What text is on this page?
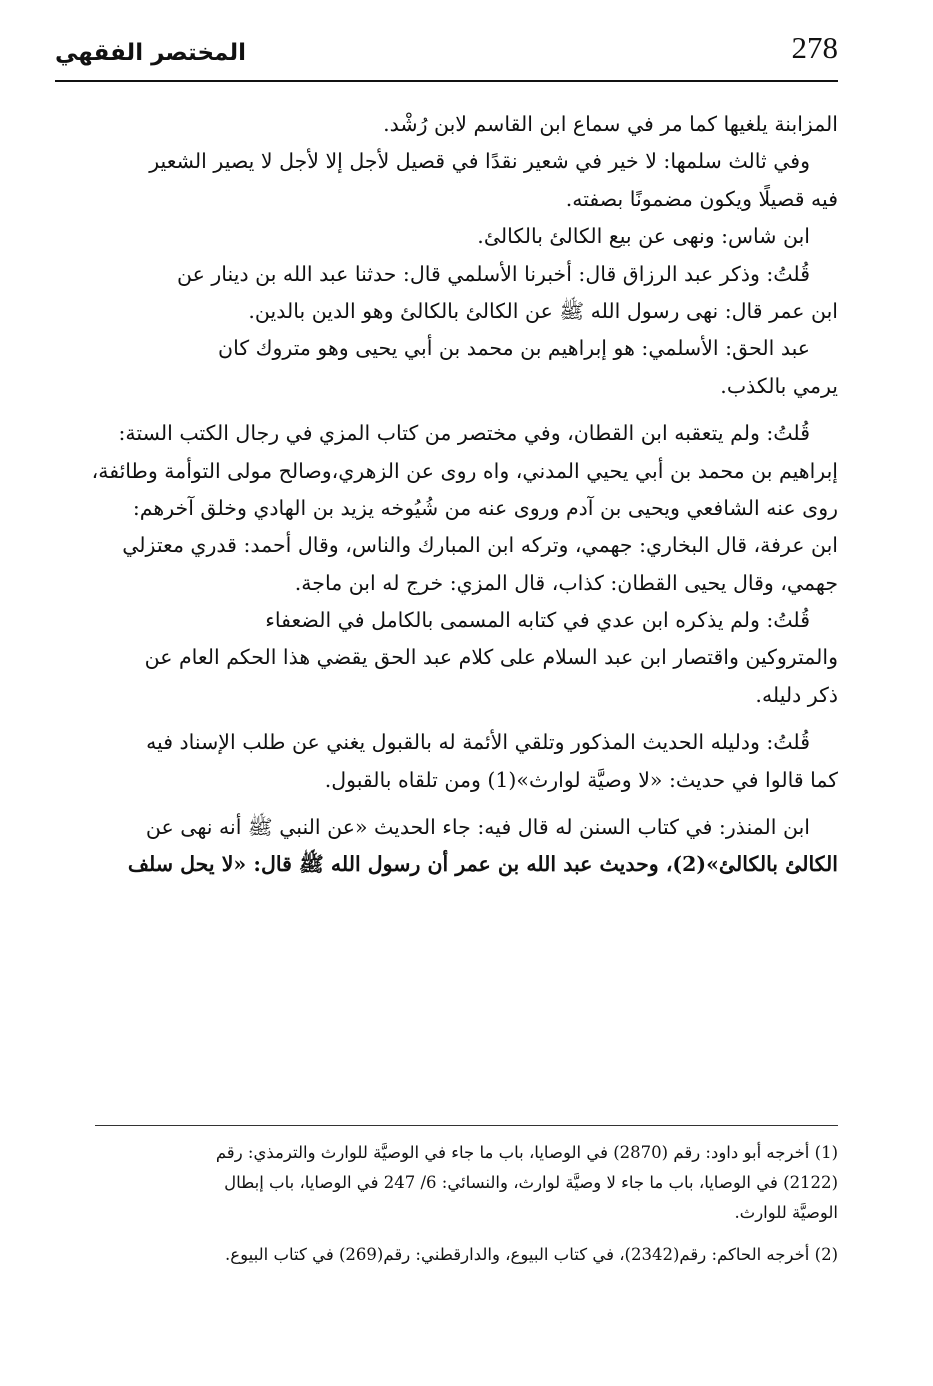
278
المختصر الفقهي

المزابنة يلغيها كما مر في سماع ابن القاسم لابن رُشْد.

وفي ثالث سلمها: لا خير في شعير نقدًا في قصيل لأجل إلا لأجل لا يصير الشعير

فيه قصيلًا ويكون مضمونًا بصفته.

ابن شاس: ونهى عن بيع الكالئ بالكالئ.

قُلتُ: وذكر عبد الرزاق قال: أخبرنا الأسلمي قال: حدثنا عبد الله بن دينار عن

ابن عمر قال: نهى رسول الله ﷺ عن الكالئ بالكالئ وهو الدين بالدين.

عبد الحق: الأسلمي: هو إبراهيم بن محمد بن أبي يحيى وهو متروك كان

يرمي بالكذب.

قُلتُ: ولم يتعقبه ابن القطان، وفي مختصر من كتاب المزي في رجال الكتب الستة:

إبراهيم بن محمد بن أبي يحيي المدني، واه روى عن الزهري،وصالح مولى التوأمة وطائفة،

روى عنه الشافعي ويحيى بن آدم وروى عنه من شُيُوخه يزيد بن الهادي وخلق آخرهم:

ابن عرفة، قال البخاري: جهمي، وتركه ابن المبارك والناس، وقال أحمد: قدري معتزلي

جهمي، وقال يحيى القطان: كذاب، قال المزي: خرج له ابن ماجة.

قُلتُ: ولم يذكره ابن عدي في كتابه المسمى بالكامل في الضعفاء

والمتروكين واقتصار ابن عبد السلام على كلام عبد الحق يقضي هذا الحكم العام عن

ذكر دليله.

قُلتُ: ودليله الحديث المذكور وتلقي الأئمة له بالقبول يغني عن طلب الإسناد فيه

كما قالوا في حديث: «لا وصيَّة لوارث»(1) ومن تلقاه بالقبول.

ابن المنذر: في كتاب السنن له قال فيه: جاء الحديث «عن النبي ﷺ أنه نهى عن

الكالئ بالكالئ»(2)، وحديث عبد الله بن عمر أن رسول الله ﷺ قال: «لا يحل سلف

(1) أخرجه أبو داود: رقم (2870) في الوصايا، باب ما جاء في الوصيَّة للوارث والترمذي: رقم
(2122) في الوصايا، باب ما جاء لا وصيَّة لوارث، والنسائي: 6/ 247 في الوصايا، باب إبطال
الوصيَّة للوارث.
(2) أخرجه الحاكم: رقم(2342)، في كتاب البيوع، والدارقطني: رقم(269) في كتاب البيوع.
